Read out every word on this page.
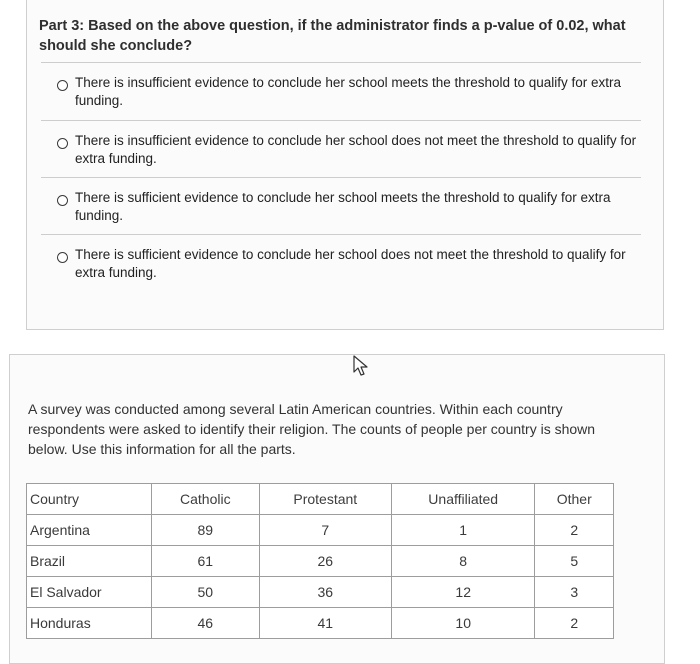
Part 3: Based on the above question, if the administrator finds a p-value of 0.02, what should she conclude?
There is insufficient evidence to conclude her school meets the threshold to qualify for extra funding.
There is insufficient evidence to conclude her school does not meet the threshold to qualify for extra funding.
There is sufficient evidence to conclude her school meets the threshold to qualify for extra funding.
There is sufficient evidence to conclude her school does not meet the threshold to qualify for extra funding.
A survey was conducted among several Latin American countries. Within each country respondents were asked to identify their religion. The counts of people per country is shown below. Use this information for all the parts.
Country	Catholic	Protestant	Unaffiliated	Other
Argentina	89	7	1	2
Brazil	61	26	8	5
El Salvador	50	36	12	3
Honduras	46	41	10	2
